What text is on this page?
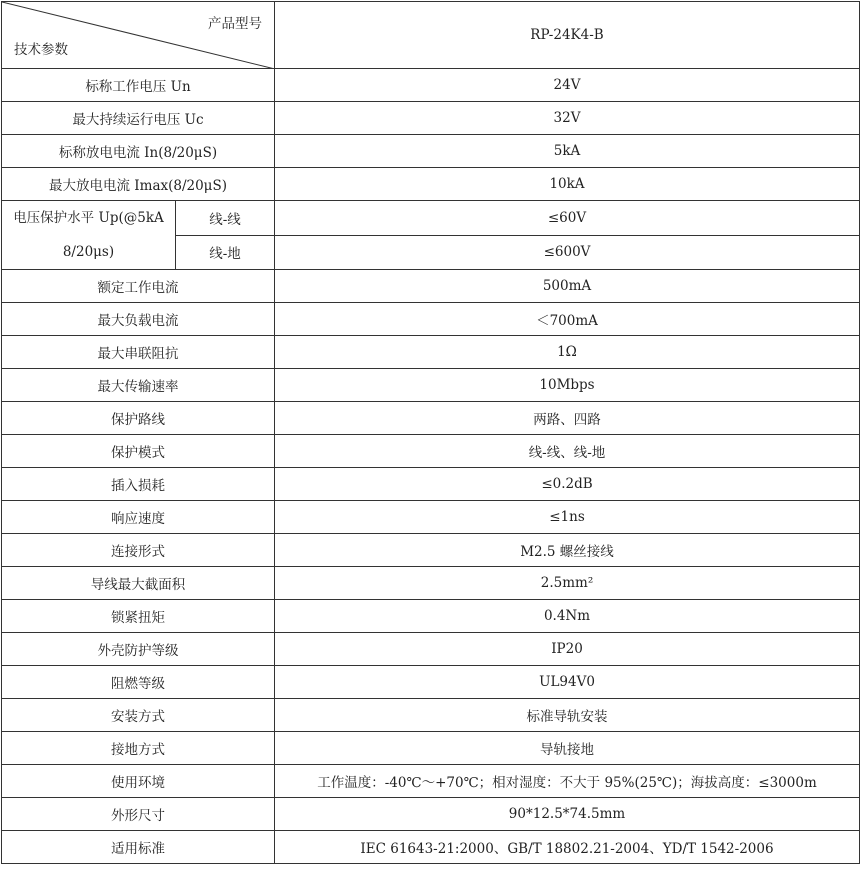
产品型号
技术参数		RP-24K4-B
标称工作电压 Un		24V
最大持续运行电压 Uc		32V
标称放电电流 In(8/20μS)		5kA
最大放电电流 Imax(8/20μS)		10kA
电压保护水平 Up(@5kA
8/20μs)	线-线	≤60V
	线-地	≤600V
额定工作电流		500mA
最大负载电流		＜700mA
最大串联阻抗		1Ω
最大传输速率		10Mbps
保护路线		两路、四路
保护模式		线-线、线-地
插入损耗		≤0.2dB
响应速度		≤1ns
连接形式		M2.5 螺丝接线
导线最大截面积		2.5mm²
锁紧扭矩		0.4Nm
外壳防护等级		IP20
阻燃等级		UL94V0
安装方式		标准导轨安装
接地方式		导轨接地
使用环境		工作温度：-40℃～+70℃；相对湿度：不大于 95%(25℃)；海拔高度：≤3000m
外形尺寸		90*12.5*74.5mm
适用标准		IEC 61643-21:2000、GB/T 18802.21-2004、YD/T 1542-2006
